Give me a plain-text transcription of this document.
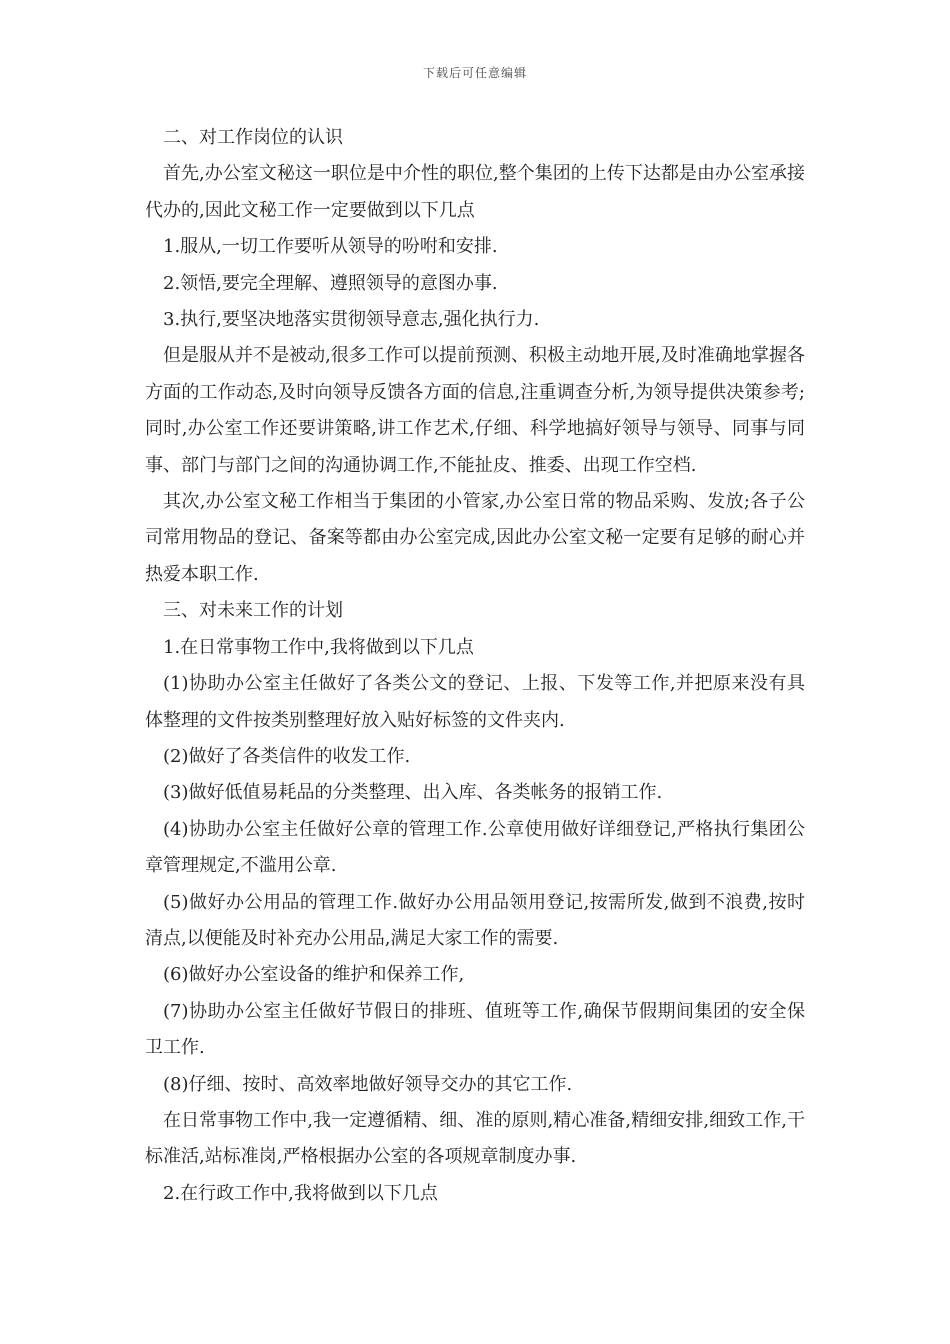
下载后可任意编辑

二、对工作岗位的认识

首先,办公室文秘这一职位是中介性的职位,整个集团的上传下达都是由办公室承接代办的,因此文秘工作一定要做到以下几点

1.服从,一切工作要听从领导的吩咐和安排.

2.领悟,要完全理解、遵照领导的意图办事.

3.执行,要坚决地落实贯彻领导意志,强化执行力.

但是服从并不是被动,很多工作可以提前预测、积极主动地开展,及时准确地掌握各方面的工作动态,及时向领导反馈各方面的信息,注重调查分析,为领导提供决策参考;同时,办公室工作还要讲策略,讲工作艺术,仔细、科学地搞好领导与领导、同事与同事、部门与部门之间的沟通协调工作,不能扯皮、推委、出现工作空档.

其次,办公室文秘工作相当于集团的小管家,办公室日常的物品采购、发放;各子公司常用物品的登记、备案等都由办公室完成,因此办公室文秘一定要有足够的耐心并热爱本职工作.

三、对未来工作的计划

1.在日常事物工作中,我将做到以下几点

(1)协助办公室主任做好了各类公文的登记、上报、下发等工作,并把原来没有具体整理的文件按类别整理好放入贴好标签的文件夹内.

(2)做好了各类信件的收发工作.

(3)做好低值易耗品的分类整理、出入库、各类帐务的报销工作.

(4)协助办公室主任做好公章的管理工作.公章使用做好详细登记,严格执行集团公章管理规定,不滥用公章.

(5)做好办公用品的管理工作.做好办公用品领用登记,按需所发,做到不浪费,按时清点,以便能及时补充办公用品,满足大家工作的需要.

(6)做好办公室设备的维护和保养工作,

(7)协助办公室主任做好节假日的排班、值班等工作,确保节假期间集团的安全保卫工作.

(8)仔细、按时、高效率地做好领导交办的其它工作.

在日常事物工作中,我一定遵循精、细、准的原则,精心准备,精细安排,细致工作,干标准活,站标准岗,严格根据办公室的各项规章制度办事.

2.在行政工作中,我将做到以下几点
